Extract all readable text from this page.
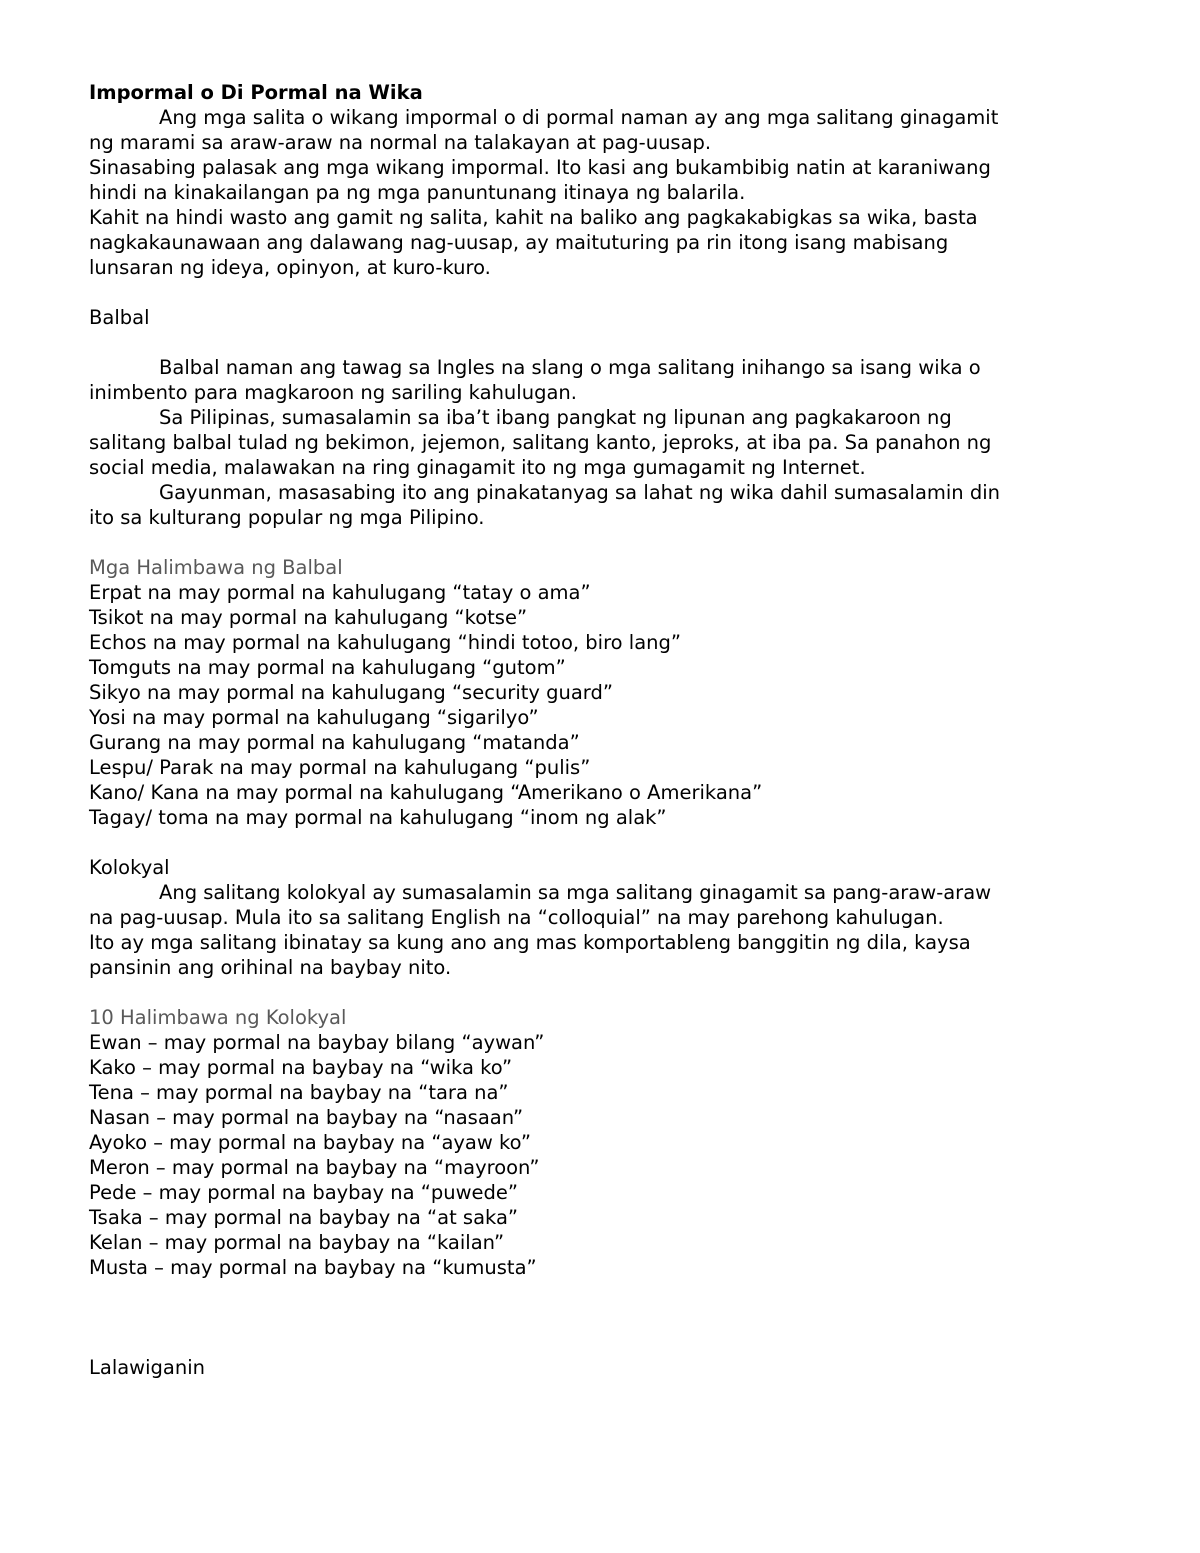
Impormal o Di Pormal na Wika
Ang mga salita o wikang impormal o di pormal naman ay ang mga salitang ginagamit
ng marami sa araw-araw na normal na talakayan at pag-uusap.
Sinasabing palasak ang mga wikang impormal. Ito kasi ang bukambibig natin at karaniwang
hindi na kinakailangan pa ng mga panuntunang itinaya ng balarila.
Kahit na hindi wasto ang gamit ng salita, kahit na baliko ang pagkakabigkas sa wika, basta
nagkakaunawaan ang dalawang nag-uusap, ay maituturing pa rin itong isang mabisang
lunsaran ng ideya, opinyon, at kuro-kuro.
Balbal
Balbal naman ang tawag sa Ingles na slang o mga salitang inihango sa isang wika o
inimbento para magkaroon ng sariling kahulugan.
Sa Pilipinas, sumasalamin sa iba’t ibang pangkat ng lipunan ang pagkakaroon ng
salitang balbal tulad ng bekimon, jejemon, salitang kanto, jeproks, at iba pa. Sa panahon ng
social media, malawakan na ring ginagamit ito ng mga gumagamit ng Internet.
Gayunman, masasabing ito ang pinakatanyag sa lahat ng wika dahil sumasalamin din
ito sa kulturang popular ng mga Pilipino.
Mga Halimbawa ng Balbal
Erpat na may pormal na kahulugang “tatay o ama”
Tsikot na may pormal na kahulugang “kotse”
Echos na may pormal na kahulugang “hindi totoo, biro lang”
Tomguts na may pormal na kahulugang “gutom”
Sikyo na may pormal na kahulugang “security guard”
Yosi na may pormal na kahulugang “sigarilyo”
Gurang na may pormal na kahulugang “matanda”
Lespu/ Parak na may pormal na kahulugang “pulis”
Kano/ Kana na may pormal na kahulugang “Amerikano o Amerikana”
Tagay/ toma na may pormal na kahulugang “inom ng alak”
Kolokyal
Ang salitang kolokyal ay sumasalamin sa mga salitang ginagamit sa pang-araw-araw
na pag-uusap. Mula ito sa salitang English na “colloquial” na may parehong kahulugan.
Ito ay mga salitang ibinatay sa kung ano ang mas komportableng banggitin ng dila, kaysa
pansinin ang orihinal na baybay nito.
10 Halimbawa ng Kolokyal
Ewan – may pormal na baybay bilang “aywan”
Kako – may pormal na baybay na “wika ko”
Tena – may pormal na baybay na “tara na”
Nasan – may pormal na baybay na “nasaan”
Ayoko – may pormal na baybay na “ayaw ko”
Meron – may pormal na baybay na “mayroon”
Pede – may pormal na baybay na “puwede”
Tsaka – may pormal na baybay na “at saka”
Kelan – may pormal na baybay na “kailan”
Musta – may pormal na baybay na “kumusta”
Lalawiganin
